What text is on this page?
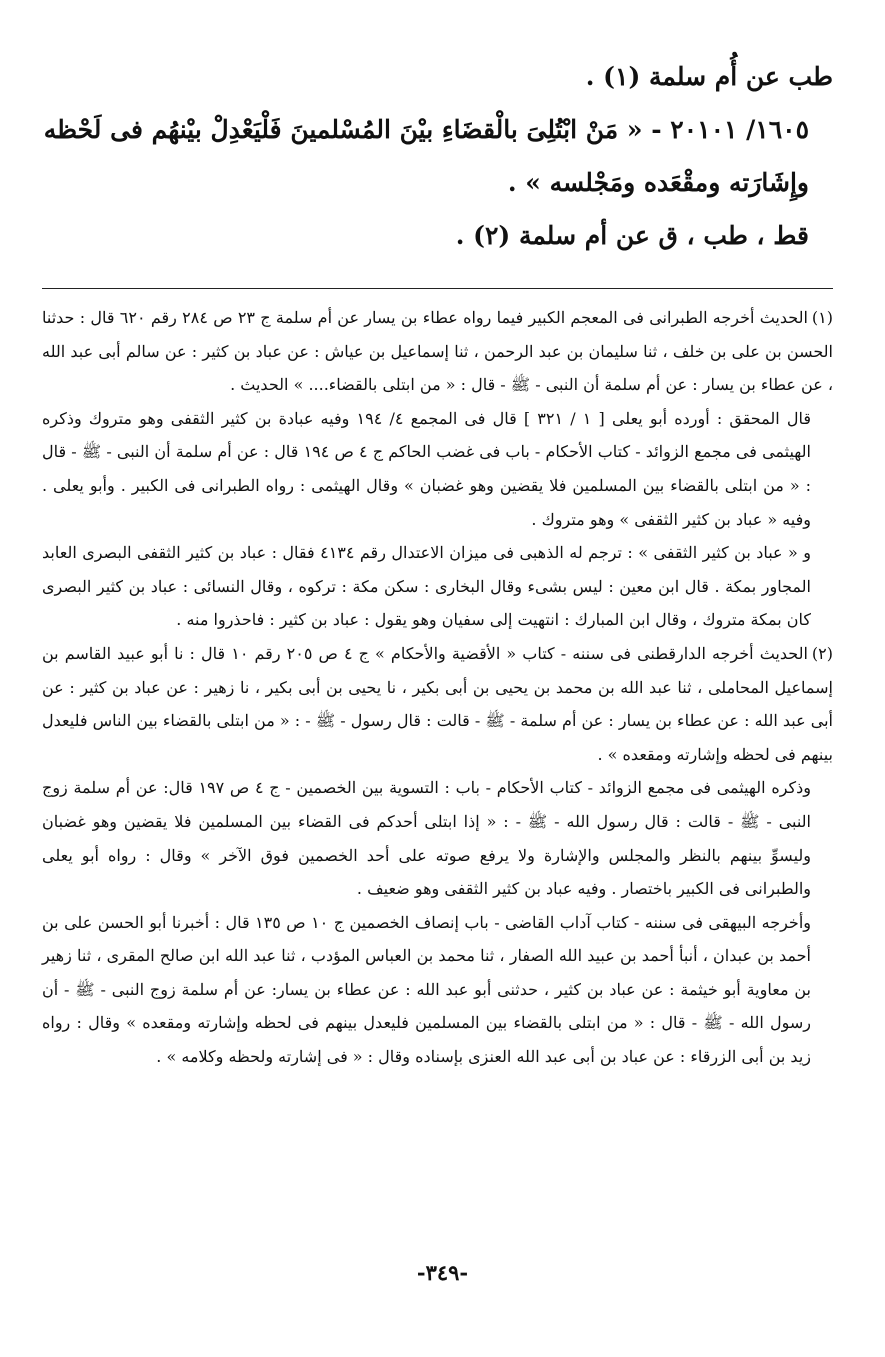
طب عن أُم سلمة (١) .

١٦٠٥/ ٢٠١٠١ - « مَنْ ابْتُلِىَ بالْقضَاءِ بيْنَ المُسْلمينَ فَلْيَعْدِلْ بيْنهُم فى لَحْظه وإِشَارَته ومقْعَده ومَجْلسه » .

قط ، طب ، ق عن أم سلمة (٢) .

(١)الحديث أخرجه الطبرانى فى المعجم الكبير فيما رواه عطاء بن يسار عن أم سلمة ج ٢٣ ص ٢٨٤ رقم ٦٢٠ قال : حدثنا الحسن بن على بن خلف ، ثنا سليمان بن عبد الرحمن ، ثنا إسماعيل بن عياش : عن عباد بن كثير : عن سالم أبى عبد الله ، عن عطاء بن يسار : عن أم سلمة أن النبى - ﷺ - قال : « من ابتلى بالقضاء.... » الحديث .

قال المحقق : أورده أبو يعلى [ ١ / ٣٢١ ] قال فى المجمع ٤/ ١٩٤ وفيه عبادة بن كثير الثقفى وهو متروك وذكره الهيثمى فى مجمع الزوائد - كتاب الأحكام - باب فى غضب الحاكم ج ٤ ص ١٩٤ قال : عن أم سلمة أن النبى - ﷺ - قال : « من ابتلى بالقضاء بين المسلمين فلا يقضين وهو غضبان » وقال الهيثمى : رواه الطبرانى فى الكبير . وأبو يعلى . وفيه « عباد بن كثير الثقفى » وهو متروك .

و « عباد بن كثير الثقفى » : ترجم له الذهبى فى ميزان الاعتدال رقم ٤١٣٤ فقال : عباد بن كثير الثقفى البصرى العابد المجاور بمكة . قال ابن معين : ليس بشىء وقال البخارى : سكن مكة : تركوه ، وقال النسائى : عباد بن كثير البصرى كان بمكة متروك ، وقال ابن المبارك : انتهيت إلى سفيان وهو يقول : عباد بن كثير : فاحذروا منه .

(٢)الحديث أخرجه الدارقطنى فى سننه - كتاب « الأقضية والأحكام » ج ٤ ص ٢٠٥ رقم ١٠ قال : نا أبو عبيد القاسم بن إسماعيل المحاملى ، ثنا عبد الله بن محمد بن يحيى بن أبى بكير ، نا يحيى بن أبى بكير ، نا زهير : عن عباد بن كثير : عن أبى عبد الله : عن عطاء بن يسار : عن أم سلمة - ﷺ - قالت : قال رسول - ﷺ - : « من ابتلى بالقضاء بين الناس فليعدل بينهم فى لحظه وإشارته ومقعده » .

وذكره الهيثمى فى مجمع الزوائد - كتاب الأحكام - باب : التسوية بين الخصمين - ج ٤ ص ١٩٧ قال: عن أم سلمة زوج النبى - ﷺ - قالت : قال رسول الله - ﷺ - : « إذا ابتلى أحدكم فى القضاء بين المسلمين فلا يقضين وهو غضبان وليسوِّ بينهم بالنظر والمجلس والإشارة ولا يرفع صوته على أحد الخصمين فوق الآخر » وقال : رواه أبو يعلى والطبرانى فى الكبير باختصار . وفيه عباد بن كثير الثقفى وهو ضعيف .

وأخرجه البيهقى فى سننه - كتاب آداب القاضى - باب إنصاف الخصمين ج ١٠ ص ١٣٥ قال : أخبرنا أبو الحسن على بن أحمد بن عبدان ، أنبأ أحمد بن عبيد الله الصفار ، ثنا محمد بن العباس المؤدب ، ثنا عبد الله ابن صالح المقرى ، ثنا زهير بن معاوية أبو خيثمة : عن عباد بن كثير ، حدثنى أبو عبد الله : عن عطاء بن يسار: عن أم سلمة زوج النبى - ﷺ - أن رسول الله - ﷺ - قال : « من ابتلى بالقضاء بين المسلمين فليعدل بينهم فى لحظه وإشارته ومقعده » وقال : رواه زيد بن أبى الزرقاء : عن عباد بن أبى عبد الله العنزى بإسناده وقال : « فى إشارته ولحظه وكلامه » .

-٣٤٩-
